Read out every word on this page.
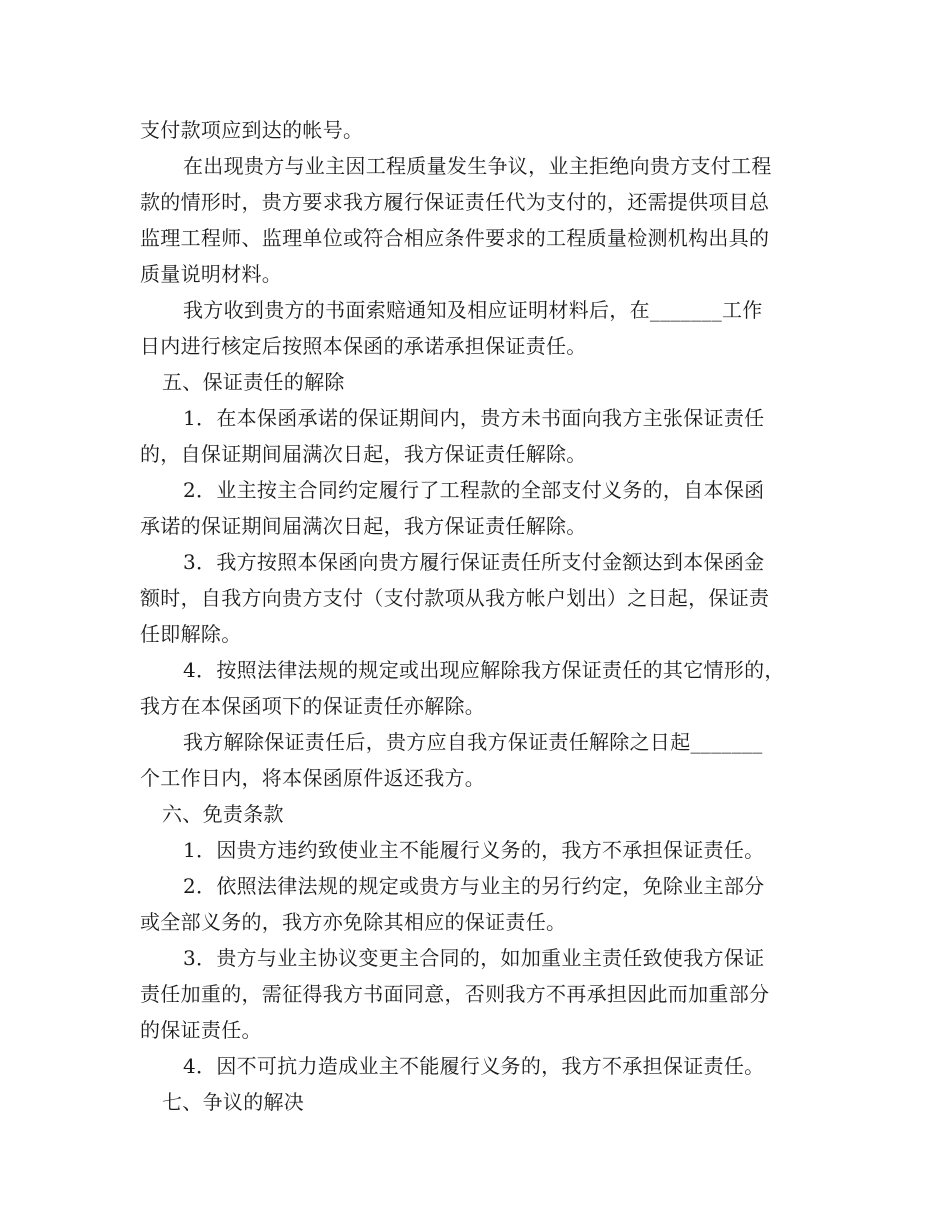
支付款项应到达的帐号。
在出现贵方与业主因工程质量发生争议，业主拒绝向贵方支付工程
款的情形时，贵方要求我方履行保证责任代为支付的，还需提供项目总
监理工程师、监理单位或符合相应条件要求的工程质量检测机构出具的
质量说明材料。
我方收到贵方的书面索赔通知及相应证明材料后，在_______工作
日内进行核定后按照本保函的承诺承担保证责任。
五、保证责任的解除
1．在本保函承诺的保证期间内，贵方未书面向我方主张保证责任
的，自保证期间届满次日起，我方保证责任解除。
2．业主按主合同约定履行了工程款的全部支付义务的，自本保函
承诺的保证期间届满次日起，我方保证责任解除。
3．我方按照本保函向贵方履行保证责任所支付金额达到本保函金
额时，自我方向贵方支付（支付款项从我方帐户划出）之日起，保证责
任即解除。
4．按照法律法规的规定或出现应解除我方保证责任的其它情形的，
我方在本保函项下的保证责任亦解除。
我方解除保证责任后，贵方应自我方保证责任解除之日起_______
个工作日内，将本保函原件返还我方。
六、免责条款
1．因贵方违约致使业主不能履行义务的，我方不承担保证责任。
2．依照法律法规的规定或贵方与业主的另行约定，免除业主部分
或全部义务的，我方亦免除其相应的保证责任。
3．贵方与业主协议变更主合同的，如加重业主责任致使我方保证
责任加重的，需征得我方书面同意，否则我方不再承担因此而加重部分
的保证责任。
4．因不可抗力造成业主不能履行义务的，我方不承担保证责任。
七、争议的解决
